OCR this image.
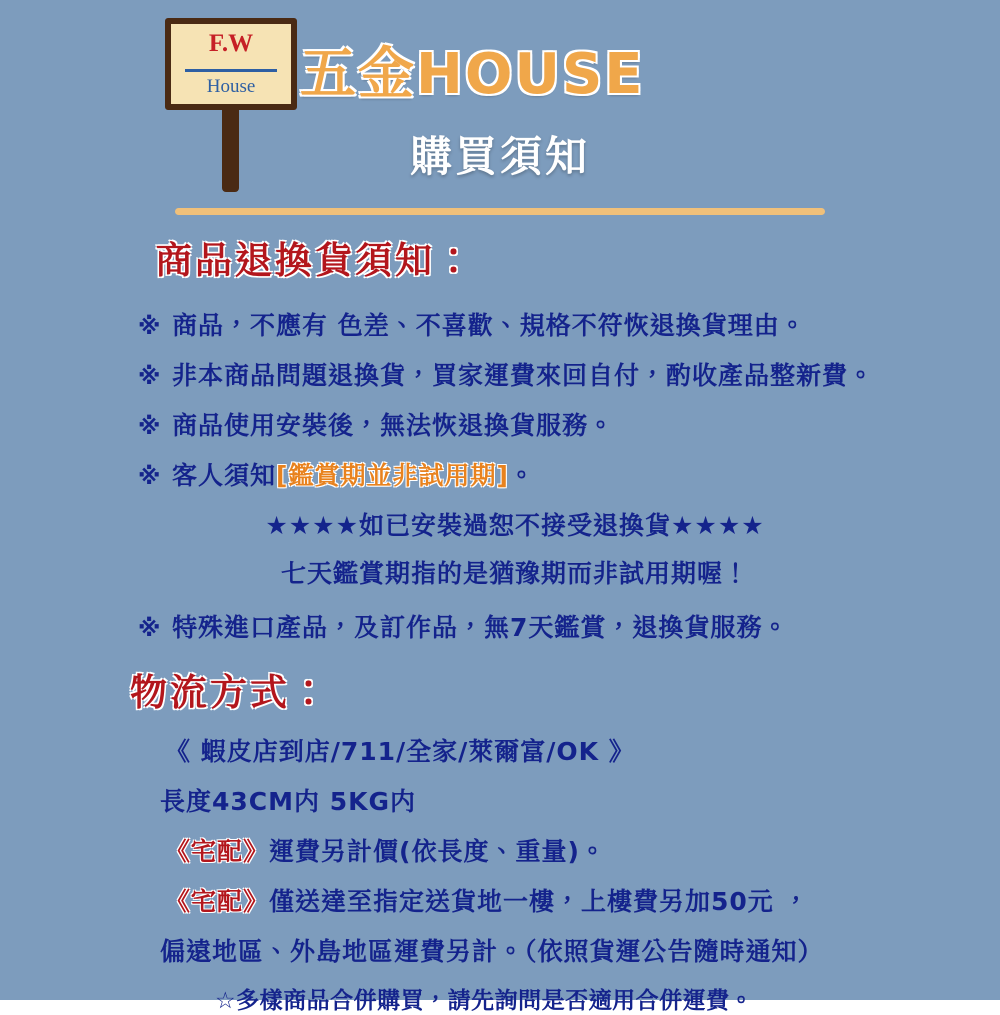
F.W
House 五金HOUSE
購買須知
商品退換貨須知：
※ 商品，不應有 色差、不喜歡、規格不符恢退換貨理由。
※ 非本商品問題退換貨，買家運費來回自付，酌收產品整新費。
※ 商品使用安裝後，無法恢退換貨服務。
※ 客人須知[鑑賞期並非試用期]。
★★★★如已安裝過恕不接受退換貨★★★★
七天鑑賞期指的是猶豫期而非試用期喔！
※ 特殊進口產品，及訂作品，無7天鑑賞，退換貨服務。
物流方式：
《 蝦皮店到店/711/全家/萊爾富/OK 》
長度43CM内 5KG内
《宅配》運費另計價(依長度、重量)。
《宅配》僅送達至指定送貨地一樓，上樓費另加50元 ，
偏遠地區、外島地區運費另計。（依照貨運公告隨時通知）
☆多樣商品合併購買，請先詢問是否適用合併運費。
